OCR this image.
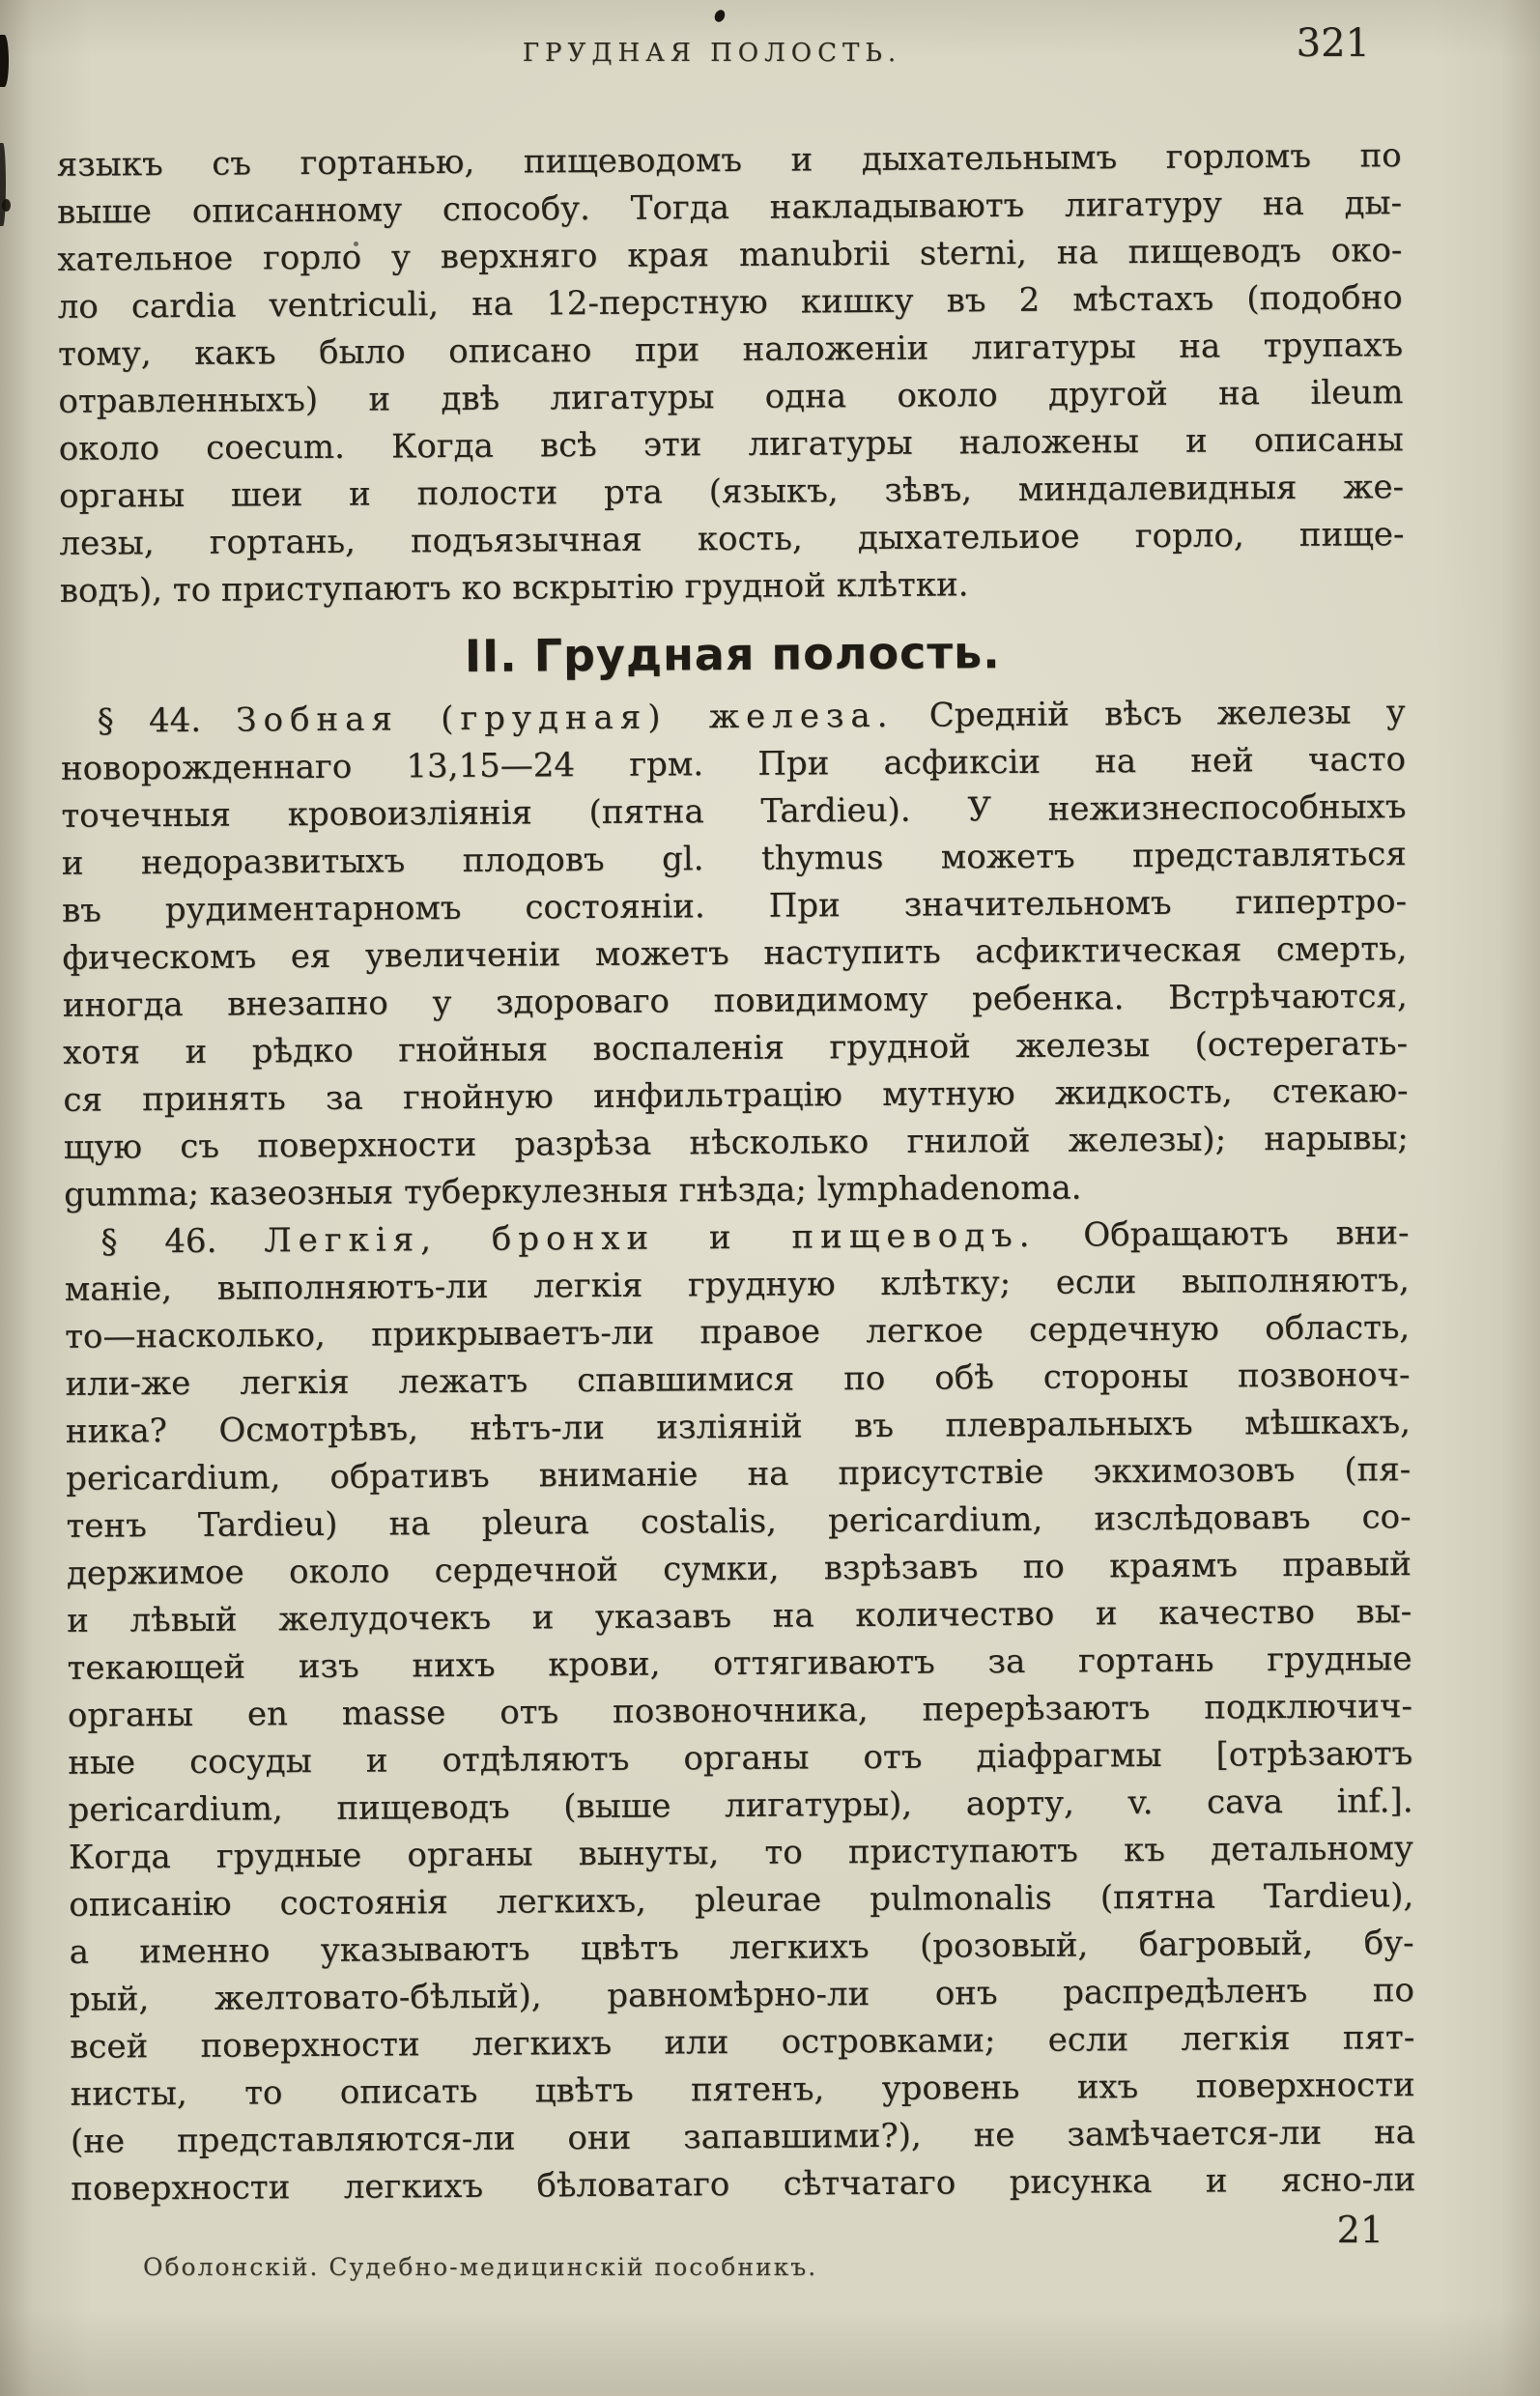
ГРУДНАЯ ПОЛОСТЬ.	321
языкъ съ гортанью, пищеводомъ и дыхательнымъ горломъ по
выше описанному способу. Тогда накладываютъ лигатуру на ды-
хательное горло у верхняго края manubrii sterni, на пищеводъ око-
ло cardia ventriculi, на 12-перстную кишку въ 2 мѣстахъ (подобно
тому, какъ было описано при наложеніи лигатуры на трупахъ
отравленныхъ) и двѣ лигатуры одна около другой на ileum
около coecum. Когда всѣ эти лигатуры наложены и описаны
органы шеи и полости рта (языкъ, зѣвъ, миндалевидныя же-
лезы, гортань, подъязычная кость, дыхательиое горло, пище-
водъ), то приступаютъ ко вскрытію грудной клѣтки.
II. Грудная полость.
§ 44. Зобная (грудная) железа. Средній вѣсъ железы у
новорожденнаго 13,15—24 грм. При асфиксіи на ней часто
точечныя кровоизліянія (пятна Tardieu). У нежизнеспособныхъ
и недоразвитыхъ плодовъ gl. thymus можетъ представляться
въ рудиментарномъ состояніи. При значительномъ гипертро-
фическомъ ея увеличеніи можетъ наступить асфиктическая смерть,
иногда внезапно у здороваго повидимому ребенка. Встрѣчаются,
хотя и рѣдко гнойныя воспаленія грудной железы (остерегать-
ся принять за гнойную инфильтрацію мутную жидкость, стекаю-
щую съ поверхности разрѣза нѣсколько гнилой железы); нарывы;
gumma; казеозныя туберкулезныя гнѣзда; lymphadenoma.
§ 46. Легкія, бронхи и пищеводъ. Обращаютъ вни-
маніе, выполняютъ-ли легкія грудную клѣтку; если выполняютъ,
то—насколько, прикрываетъ-ли правое легкое сердечную область,
или-же легкія лежатъ спавшимися по обѣ стороны позвоноч-
ника? Осмотрѣвъ, нѣтъ-ли изліяній въ плевральныхъ мѣшкахъ,
pericardium, обративъ вниманіе на присутствіе экхимозовъ (пя-
тенъ Tardieu) на pleura costalis, pericardium, изслѣдовавъ со-
держимое около сердечной сумки, взрѣзавъ по краямъ правый
и лѣвый желудочекъ и указавъ на количество и качество вы-
текающей изъ нихъ крови, оттягиваютъ за гортань грудные
органы en masse отъ позвоночника, перерѣзаютъ подключич-
ные сосуды и отдѣляютъ органы отъ діафрагмы [отрѣзаютъ
pericardium, пищеводъ (выше лигатуры), аорту, v. cava inf.].
Когда грудные органы вынуты, то приступаютъ къ детальному
описанію состоянія легкихъ, pleurae pulmonalis (пятна Tardieu),
а именно указываютъ цвѣтъ легкихъ (розовый, багровый, бу-
рый, желтовато-бѣлый), равномѣрно-ли онъ распредѣленъ по
всей поверхности легкихъ или островками; если легкія пят-
нисты, то описать цвѣтъ пятенъ, уровень ихъ поверхности
(не представляются-ли они запавшими?), не замѣчается-ли на
поверхности легкихъ бѣловатаго сѣтчатаго рисунка и ясно-ли
21
Оболонскій. Судебно-медицинскій пособникъ.
